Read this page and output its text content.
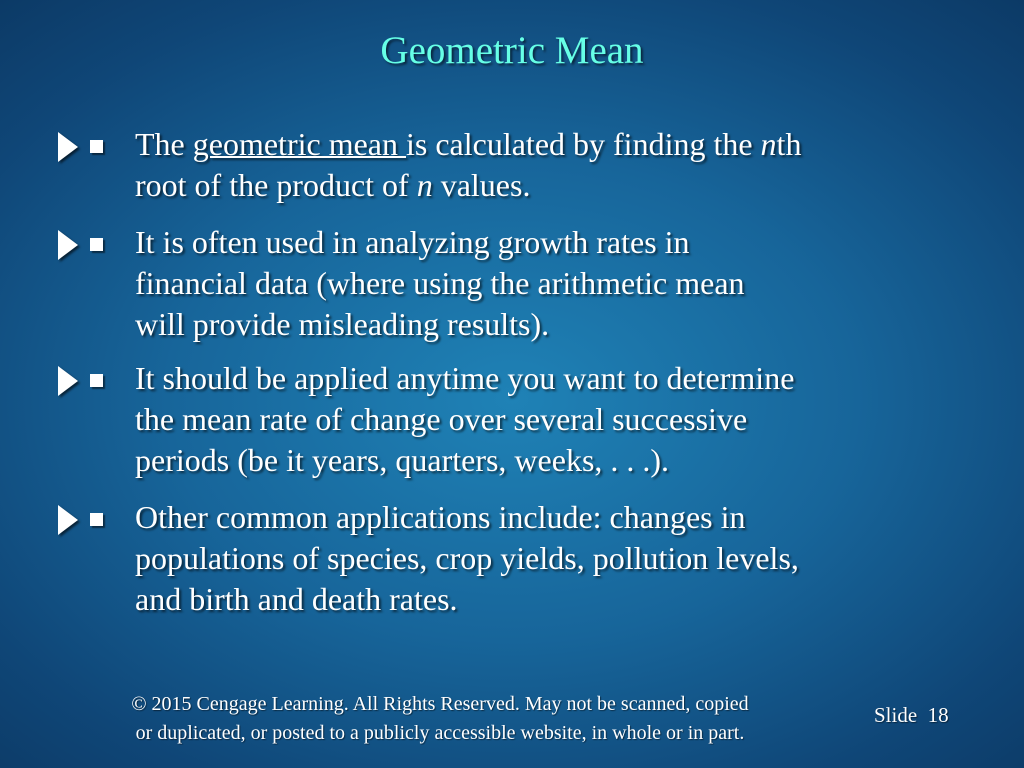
Geometric Mean
The geometric mean is calculated by finding the nth
root of the product of n values.
It is often used in analyzing growth rates in
financial data (where using the arithmetic mean
will provide misleading results).
It should be applied anytime you want to determine
the mean rate of change over several successive
periods (be it years, quarters, weeks, . . .).
Other common applications include: changes in
populations of species, crop yields, pollution levels,
and birth and death rates.
© 2015 Cengage Learning. All Rights Reserved. May not be scanned, copied
or duplicated, or posted to a publicly accessible website, in whole or in part.
Slide 18
